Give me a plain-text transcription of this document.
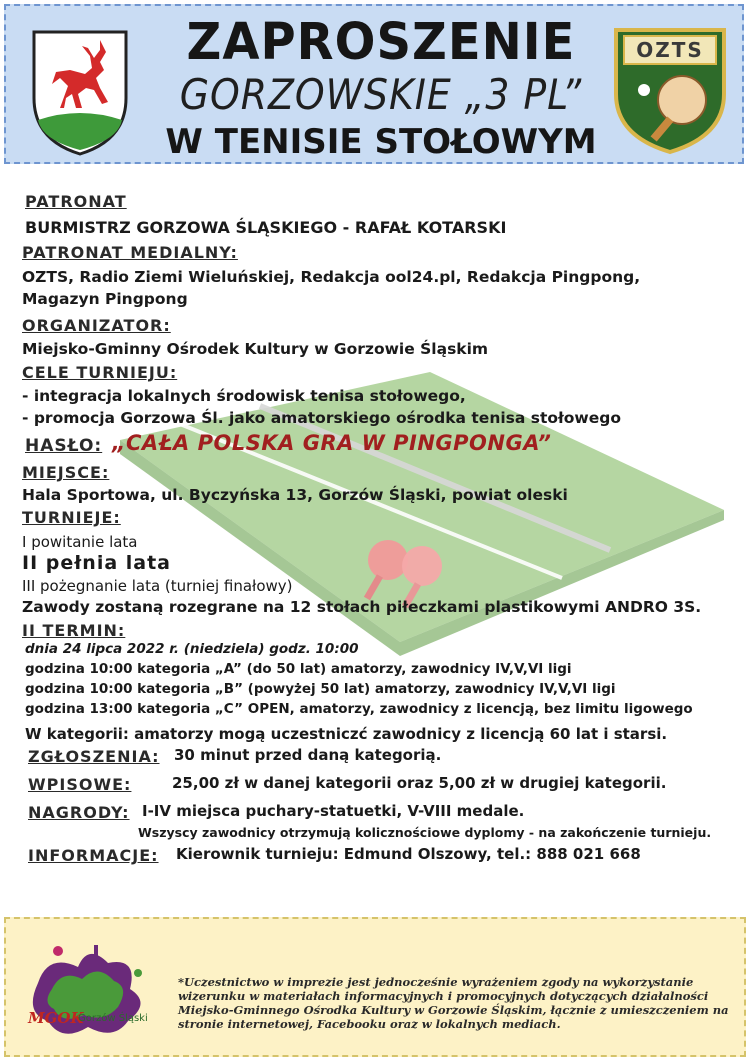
ZAPROSZENIE
GORZOWSKIE „3 PL”
W TENISIE STOŁOWYM
OZTS
PATRONAT
BURMISTRZ GORZOWA ŚLĄSKIEGO - RAFAŁ KOTARSKI
PATRONAT MEDIALNY:
OZTS, Radio Ziemi Wieluńskiej, Redakcja ool24.pl, Redakcja Pingpong,
Magazyn Pingpong
ORGANIZATOR:
Miejsko-Gminny Ośrodek Kultury w Gorzowie Śląskim
CELE TURNIEJU:
- integracja lokalnych środowisk tenisa stołowego,
- promocja Gorzowa Śl. jako amatorskiego ośrodka tenisa stołowego
HASŁO: „CAŁA POLSKA GRA W PINGPONGA”
MIEJSCE:
Hala Sportowa, ul. Byczyńska 13, Gorzów Śląski, powiat oleski
TURNIEJE:
I powitanie lata
II pełnia lata
III pożegnanie lata (turniej finałowy)
Zawody zostaną rozegrane na 12 stołach piłeczkami plastikowymi ANDRO 3S.
II TERMIN:
dnia 24 lipca 2022 r. (niedziela) godz. 10:00
godzina 10:00 kategoria „A” (do 50 lat) amatorzy, zawodnicy IV,V,VI ligi
godzina 10:00 kategoria „B” (powyżej 50 lat) amatorzy, zawodnicy IV,V,VI ligi
godzina 13:00 kategoria „C” OPEN, amatorzy, zawodnicy z licencją, bez limitu ligowego
W kategorii: amatorzy mogą uczestniczć zawodnicy z licencją 60 lat i starsi.
ZGŁOSZENIA: 30 minut przed daną kategorią.
WPISOWE:	25,00 zł w danej kategorii oraz 5,00 zł w drugiej kategorii.
NAGRODY: I-IV miejsca puchary-statuetki, V-VIII medale.
Wszyscy zawodnicy otrzymują kolicznościowe dyplomy - na zakończenie turnieju.
INFORMACJE: Kierownik turnieju: Edmund Olszowy, tel.: 888 021 668
MGOK
Gorzów Śląski
*Uczestnictwo w imprezie jest jednocześnie wyrażeniem zgody na wykorzystanie wizerunku w materiałach informacyjnych i promocyjnych dotyczących działalności Miejsko-Gminnego Ośrodka Kultury w Gorzowie Śląskim, łącznie z umieszczeniem na stronie internetowej, Facebooku oraz w lokalnych mediach.
